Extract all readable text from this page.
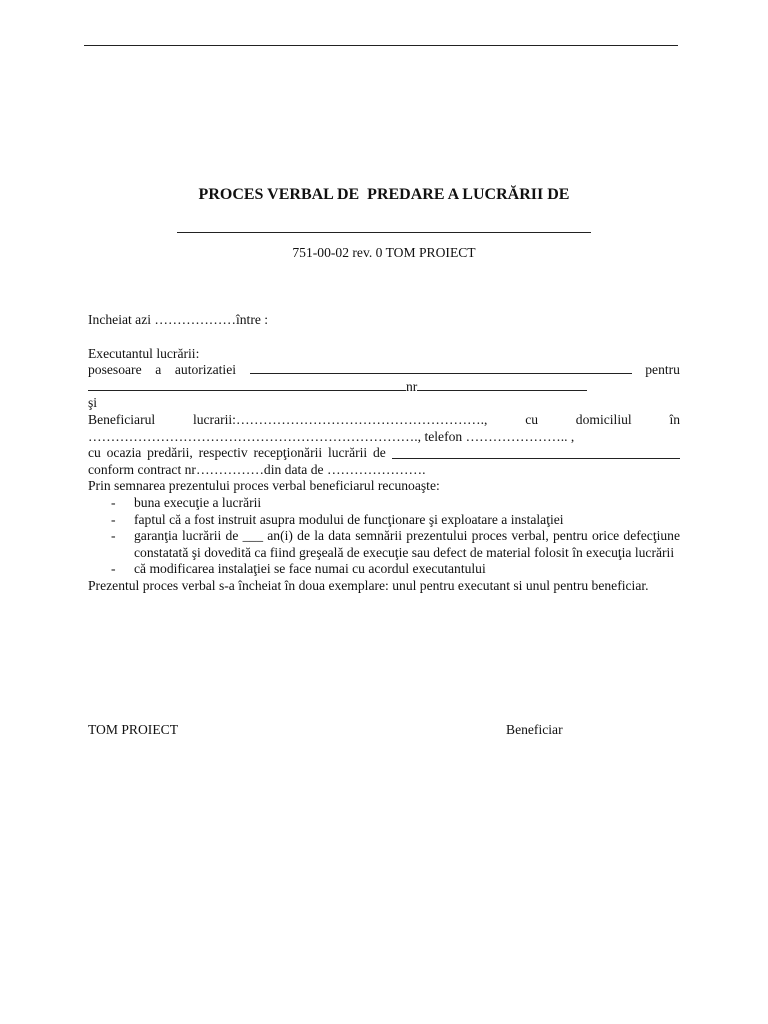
PROCES VERBAL DE  PREDARE A LUCRĂRII DE
751-00-02 rev. 0 TOM PROIECT
Incheiat azi ………………între :
Executantul lucrării:
posesoare a autorizatiei	pentru
nr
şi
Beneficiarul	lucrarii:……………………………………………….,	cu	domiciliul	în
………………………………………………………………., telefon ………………….. ,
cu ocazia predării, respectiv recepţionării lucrării de
conform contract nr……………din data de ………………….
Prin semnarea prezentului proces verbal beneficiarul recunoaşte:
- buna execuţie a lucrării
- faptul că a fost instruit asupra modului de funcţionare şi exploatare a instalaţiei
- garanţia lucrării de ___ an(i) de la data semnării prezentului proces verbal, pentru orice defecţiune constatată şi dovedită ca fiind greşeală de execuţie sau defect de material folosit în execuţia lucrării
- că modificarea instalaţiei se face numai cu acordul executantului
Prezentul proces verbal s-a încheiat în doua exemplare: unul pentru executant si unul pentru beneficiar.
TOM PROIECT	Beneficiar
